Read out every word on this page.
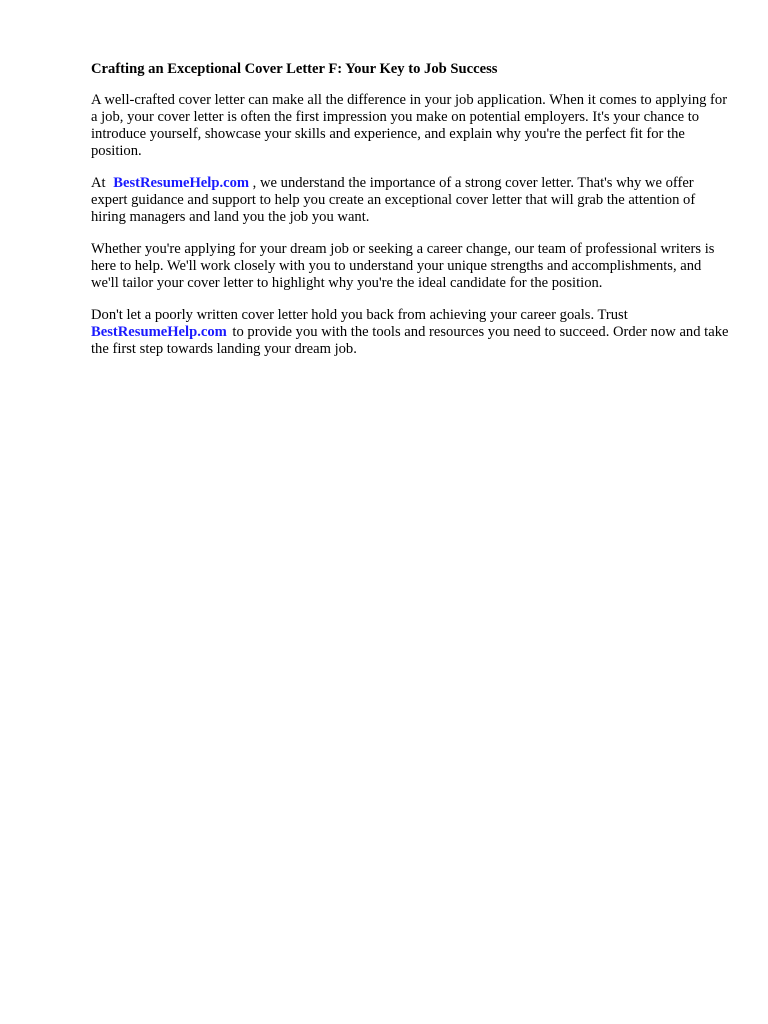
Crafting an Exceptional Cover Letter F: Your Key to Job Success

A well-crafted cover letter can make all the difference in your job application. When it comes to applying for a job, your cover letter is often the first impression you make on potential employers. It's your chance to introduce yourself, showcase your skills and experience, and explain why you're the perfect fit for the position.

At BestResumeHelp.com , we understand the importance of a strong cover letter. That's why we offer expert guidance and support to help you create an exceptional cover letter that will grab the attention of hiring managers and land you the job you want.

Whether you're applying for your dream job or seeking a career change, our team of professional writers is here to help. We'll work closely with you to understand your unique strengths and accomplishments, and we'll tailor your cover letter to highlight why you're the ideal candidate for the position.

Don't let a poorly written cover letter hold you back from achieving your career goals. Trust BestResumeHelp.com to provide you with the tools and resources you need to succeed. Order now and take the first step towards landing your dream job.
